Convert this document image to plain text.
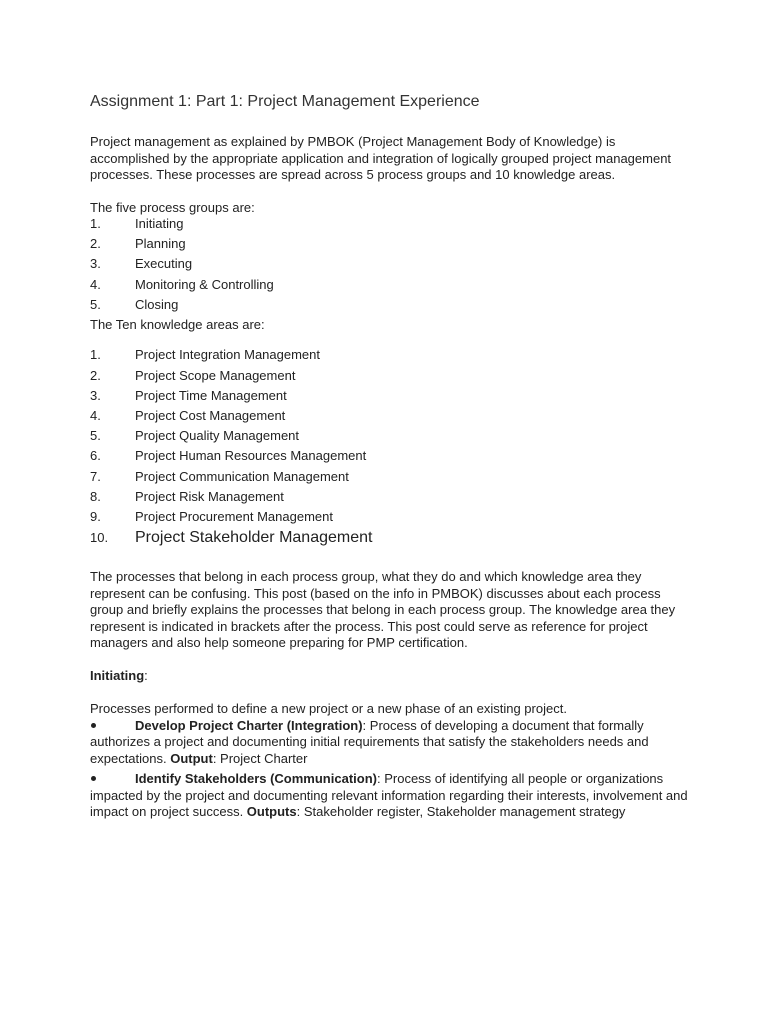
Assignment 1: Part 1: Project Management Experience

Project management as explained by PMBOK (Project Management Body of Knowledge) is accomplished by the appropriate application and integration of logically grouped project management processes. These processes are spread across 5 process groups and 10 knowledge areas.

The five process groups are:

1.	Initiating
2.	Planning
3.	Executing
4.	Monitoring & Controlling
5.	Closing

The Ten knowledge areas are:

1.	Project Integration Management
2.	Project Scope Management
3.	Project Time Management
4.	Project Cost Management
5.	Project Quality Management
6.	Project Human Resources Management
7.	Project Communication Management
8.	Project Risk Management
9.	Project Procurement Management
10.	Project Stakeholder Management

The processes that belong in each process group, what they do and which knowledge area they represent can be confusing. This post (based on the info in PMBOK) discusses about each process group and briefly explains the processes that belong in each process group. The knowledge area they represent is indicated in brackets after the process. This post could serve as reference for project managers and also help someone preparing for PMP certification.

Initiating:

Processes performed to define a new project or a new phase of an existing project.

Develop Project Charter (Integration): Process of developing a document that formally authorizes a project and documenting initial requirements that satisfy the stakeholders needs and expectations. Output: Project Charter
Identify Stakeholders (Communication): Process of identifying all people or organizations impacted by the project and documenting relevant information regarding their interests, involvement and impact on project success. Outputs: Stakeholder register, Stakeholder management strategy
